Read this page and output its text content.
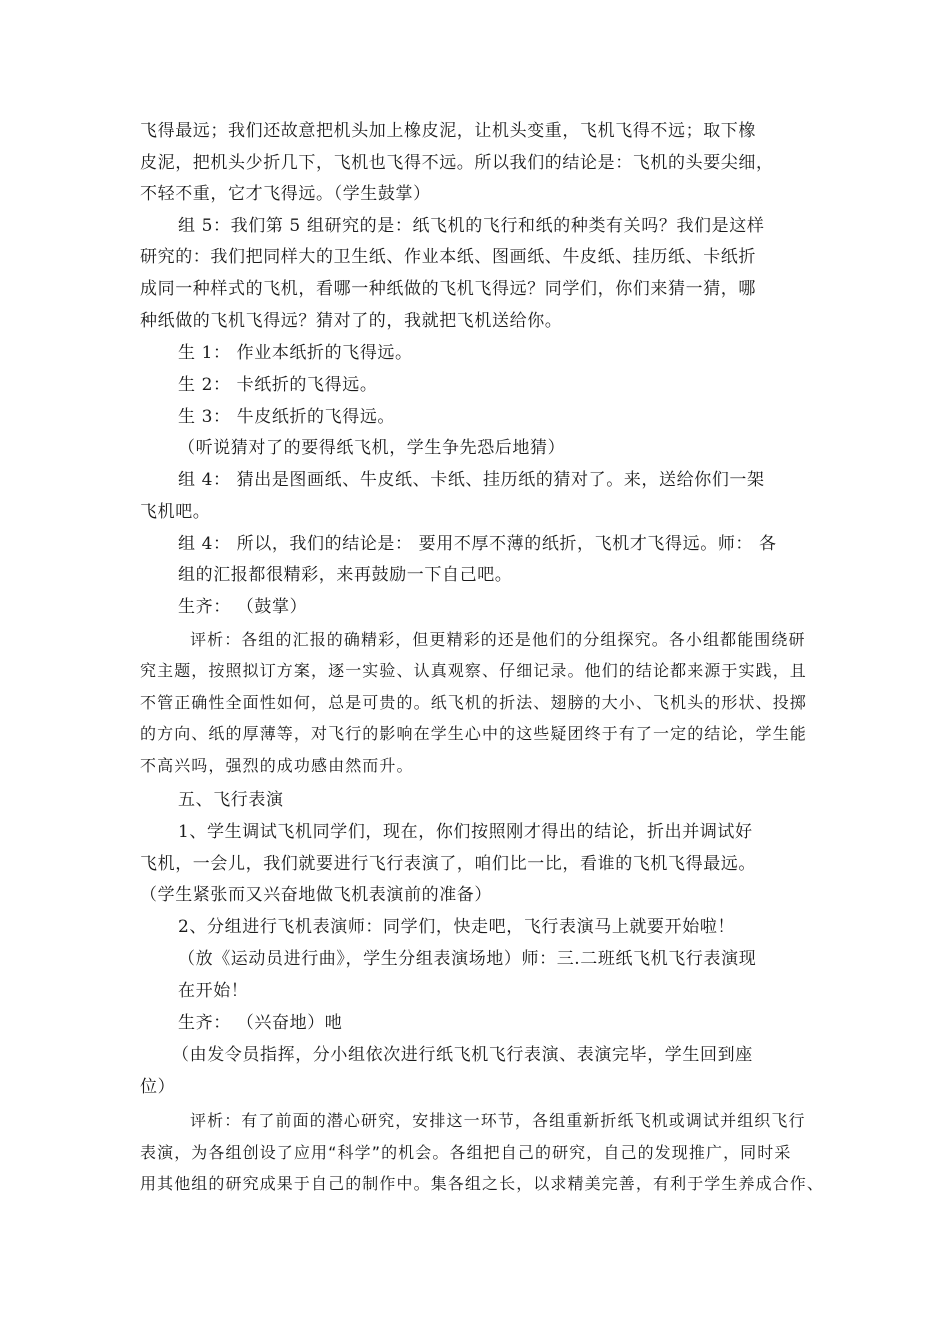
飞得最远；我们还故意把机头加上橡皮泥，让机头变重，飞机飞得不远；取下橡
皮泥，把机头少折几下，飞机也飞得不远。所以我们的结论是：飞机的头要尖细，
不轻不重，它才飞得远。（学生鼓掌）
组 5：我们第 5 组研究的是：纸飞机的飞行和纸的种类有关吗？我们是这样
研究的：我们把同样大的卫生纸、作业本纸、图画纸、牛皮纸、挂历纸、卡纸折
成同一种样式的飞机，看哪一种纸做的飞机飞得远？同学们，你们来猜一猜，哪
种纸做的飞机飞得远？猜对了的，我就把飞机送给你。
生 1： 作业本纸折的飞得远。
生 2： 卡纸折的飞得远。
生 3： 牛皮纸折的飞得远。
（听说猜对了的要得纸飞机，学生争先恐后地猜）
组 4： 猜出是图画纸、牛皮纸、卡纸、挂历纸的猜对了。来，送给你们一架
飞机吧。
组 4： 所以，我们的结论是： 要用不厚不薄的纸折，飞机才飞得远。师： 各
组的汇报都很精彩，来再鼓励一下自己吧。
生齐： （鼓掌）
评析：各组的汇报的确精彩，但更精彩的还是他们的分组探究。各小组都能围绕研
究主题，按照拟订方案，逐一实验、认真观察、仔细记录。他们的结论都来源于实践，且
不管正确性全面性如何，总是可贵的。纸飞机的折法、翅膀的大小、飞机头的形状、投掷
的方向、纸的厚薄等，对飞行的影响在学生心中的这些疑团终于有了一定的结论，学生能
不高兴吗，强烈的成功感由然而升。
五、飞行表演
1、学生调试飞机同学们，现在，你们按照刚才得出的结论，折出并调试好
飞机，一会儿，我们就要进行飞行表演了，咱们比一比，看谁的飞机飞得最远。
（学生紧张而又兴奋地做飞机表演前的准备）
2、分组进行飞机表演师：同学们，快走吧，飞行表演马上就要开始啦！
（放《运动员进行曲》，学生分组表演场地）师：三.二班纸飞机飞行表演现
在开始！
生齐： （兴奋地）吔
（由发令员指挥，分小组依次进行纸飞机飞行表演、表演完毕，学生回到座
位）
评析：有了前面的潜心研究，安排这一环节，各组重新折纸飞机或调试并组织飞行
表演，为各组创设了应用“科学”的机会。各组把自己的研究，自己的发现推广，同时采
用其他组的研究成果于自己的制作中。集各组之长，以求精美完善，有利于学生养成合作、
